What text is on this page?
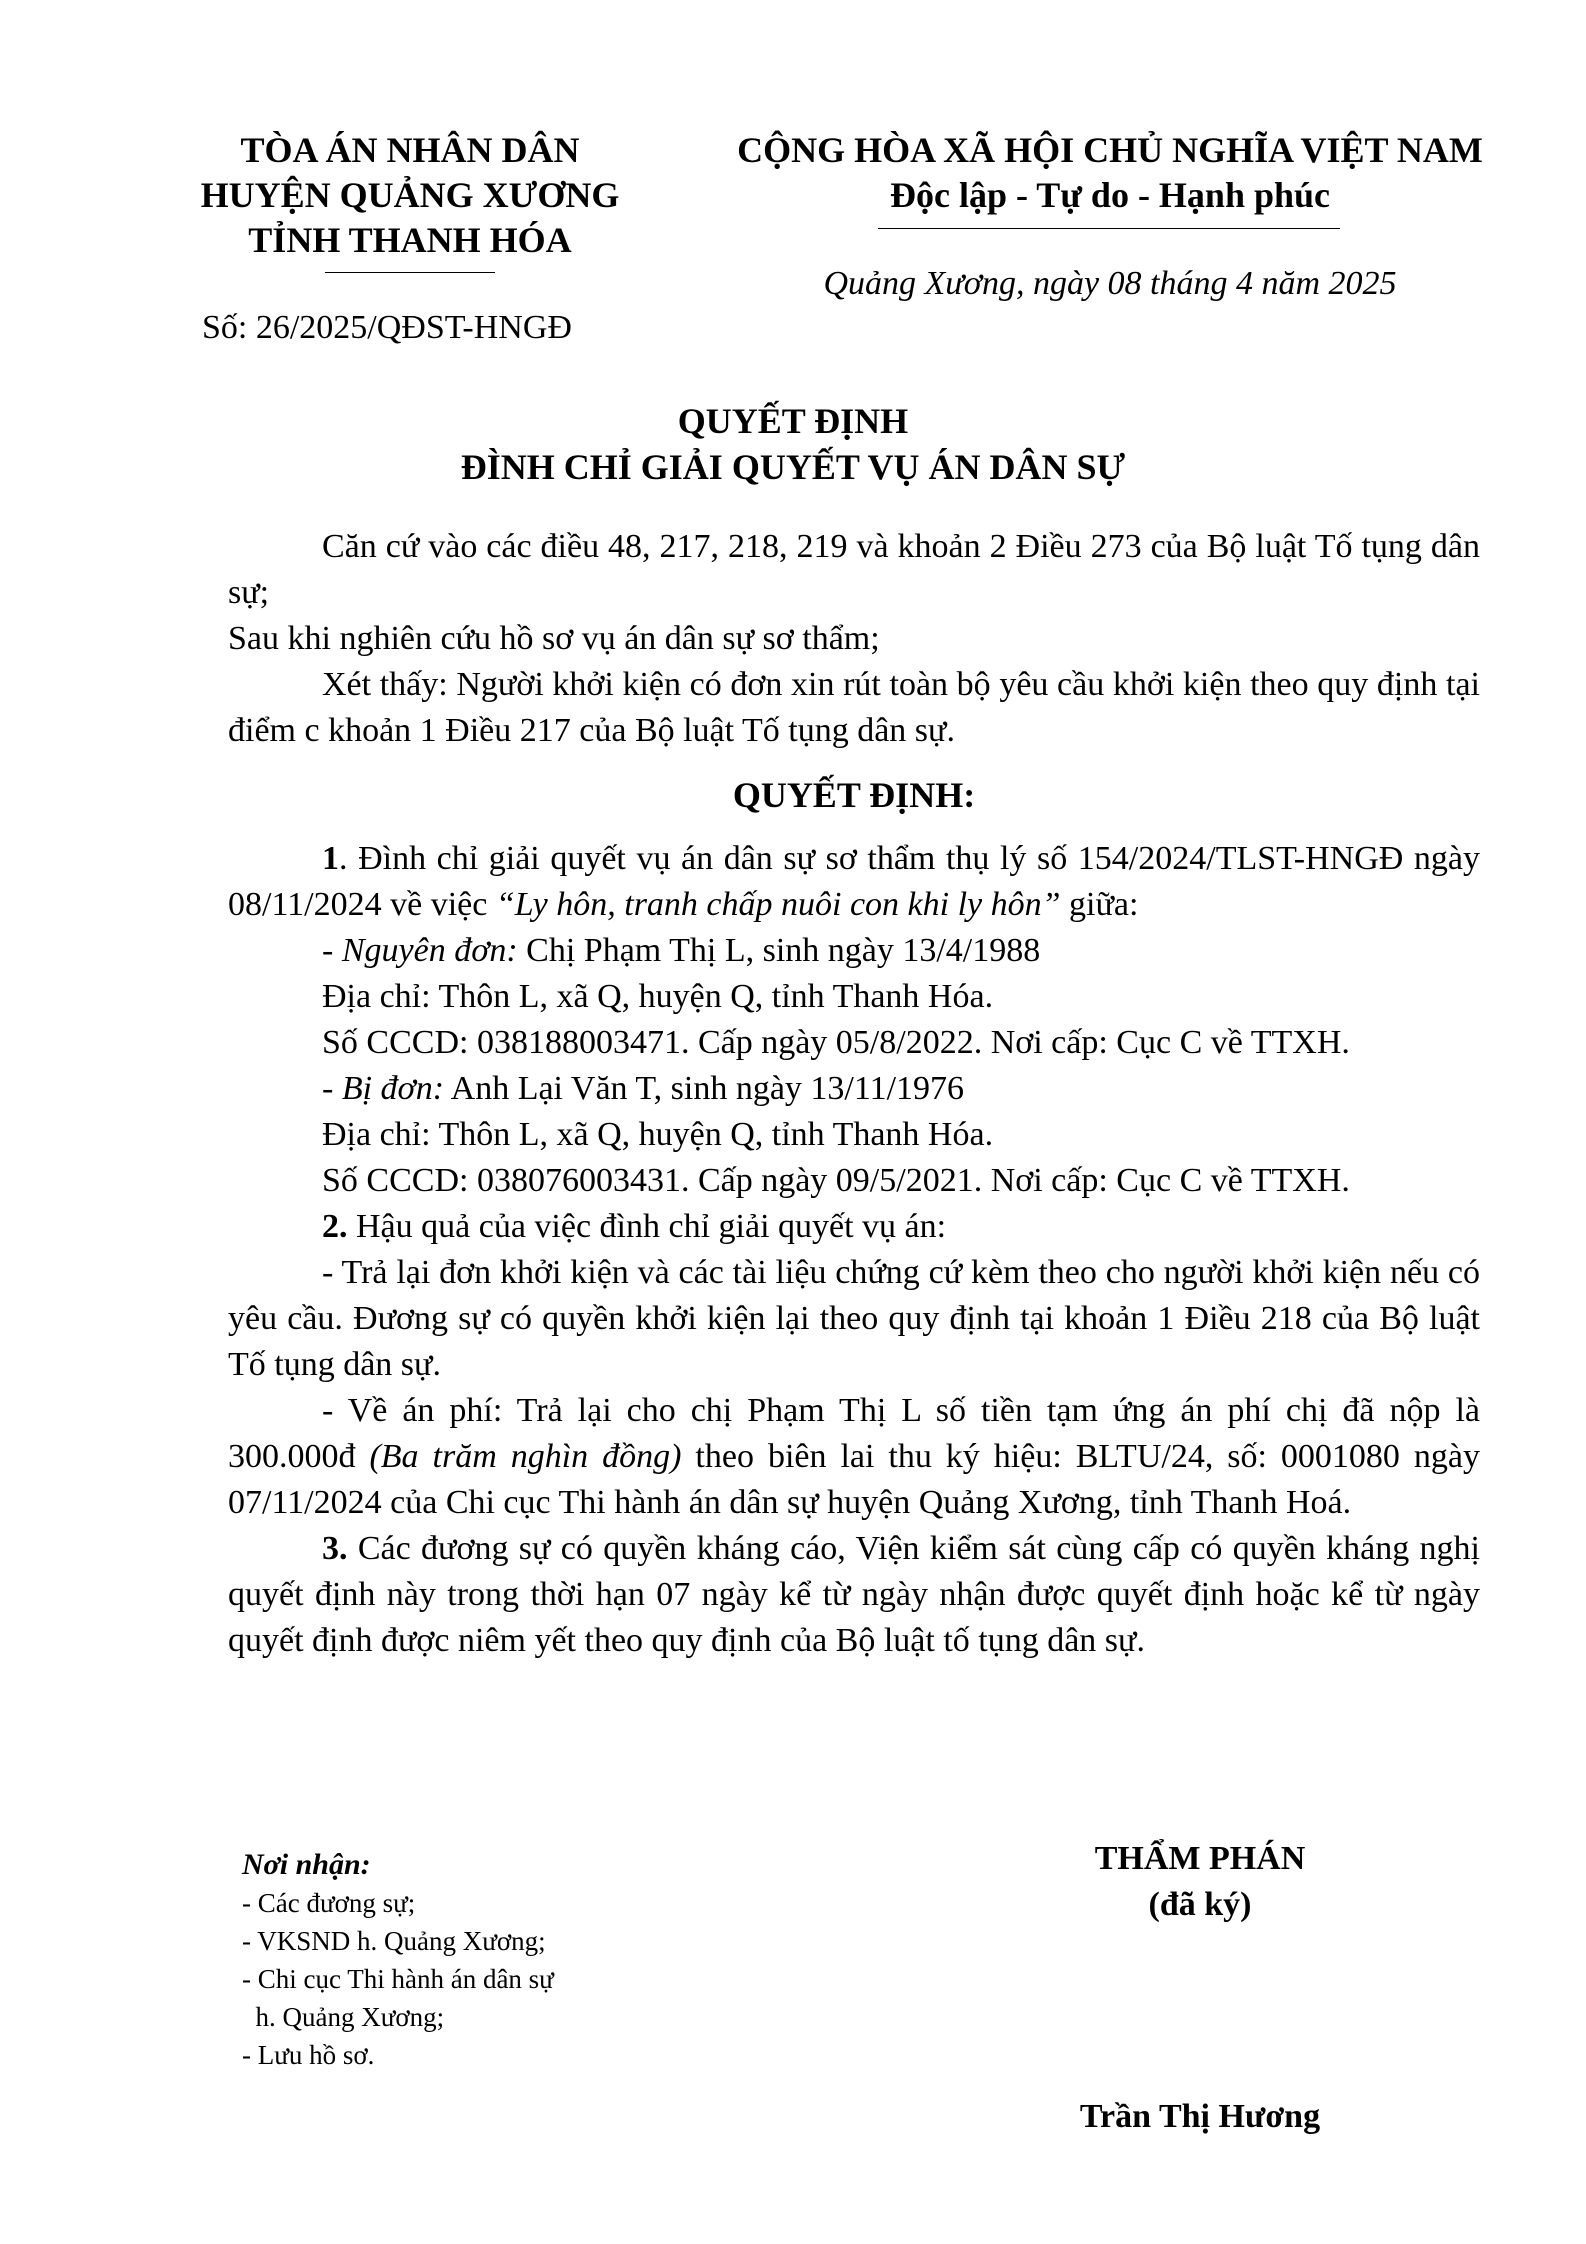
TÒA ÁN NHÂN DÂN
HUYỆN QUẢNG XƯƠNG
TỈNH THANH HÓA
Số: 26/2025/QĐST-HNGĐ
CỘNG HÒA XÃ HỘI CHỦ NGHĨA VIỆT NAM
Độc lập - Tự do - Hạnh phúc
Quảng Xương, ngày 08 tháng 4 năm 2025
QUYẾT ĐỊNH
ĐÌNH CHỈ GIẢI QUYẾT VỤ ÁN DÂN SỰ

Căn cứ vào các điều 48, 217, 218, 219 và khoản 2 Điều 273 của Bộ luật Tố tụng dân sự;

Sau khi nghiên cứu hồ sơ vụ án dân sự sơ thẩm;

Xét thấy: Người khởi kiện có đơn xin rút toàn bộ yêu cầu khởi kiện theo quy định tại điểm c khoản 1 Điều 217 của Bộ luật Tố tụng dân sự.

QUYẾT ĐỊNH:

1. Đình chỉ giải quyết vụ án dân sự sơ thẩm thụ lý số 154/2024/TLST-HNGĐ ngày 08/11/2024 về việc “Ly hôn, tranh chấp nuôi con khi ly hôn” giữa:

- Nguyên đơn: Chị Phạm Thị L, sinh ngày 13/4/1988

Địa chỉ: Thôn L, xã Q, huyện Q, tỉnh Thanh Hóa.

Số CCCD: 038188003471. Cấp ngày 05/8/2022. Nơi cấp: Cục C về TTXH.

- Bị đơn: Anh Lại Văn T, sinh ngày 13/11/1976

Địa chỉ: Thôn L, xã Q, huyện Q, tỉnh Thanh Hóa.

Số CCCD: 038076003431. Cấp ngày 09/5/2021. Nơi cấp: Cục C về TTXH.

2. Hậu quả của việc đình chỉ giải quyết vụ án:

- Trả lại đơn khởi kiện và các tài liệu chứng cứ kèm theo cho người khởi kiện nếu có yêu cầu. Đương sự có quyền khởi kiện lại theo quy định tại khoản 1 Điều 218 của Bộ luật Tố tụng dân sự.

- Về án phí: Trả lại cho chị Phạm Thị L số tiền tạm ứng án phí chị đã nộp là 300.000đ (Ba trăm nghìn đồng) theo biên lai thu ký hiệu: BLTU/24, số: 0001080 ngày 07/11/2024 của Chi cục Thi hành án dân sự huyện Quảng Xương, tỉnh Thanh Hoá.

3. Các đương sự có quyền kháng cáo, Viện kiểm sát cùng cấp có quyền kháng nghị quyết định này trong thời hạn 07 ngày kể từ ngày nhận được quyết định hoặc kể từ ngày quyết định được niêm yết theo quy định của Bộ luật tố tụng dân sự.

Nơi nhận:
- Các đương sự;
- VKSND h. Quảng Xương;
- Chi cục Thi hành án dân sự
h. Quảng Xương;
- Lưu hồ sơ.
THẨM PHÁN
(đã ký)
Trần Thị Hương
